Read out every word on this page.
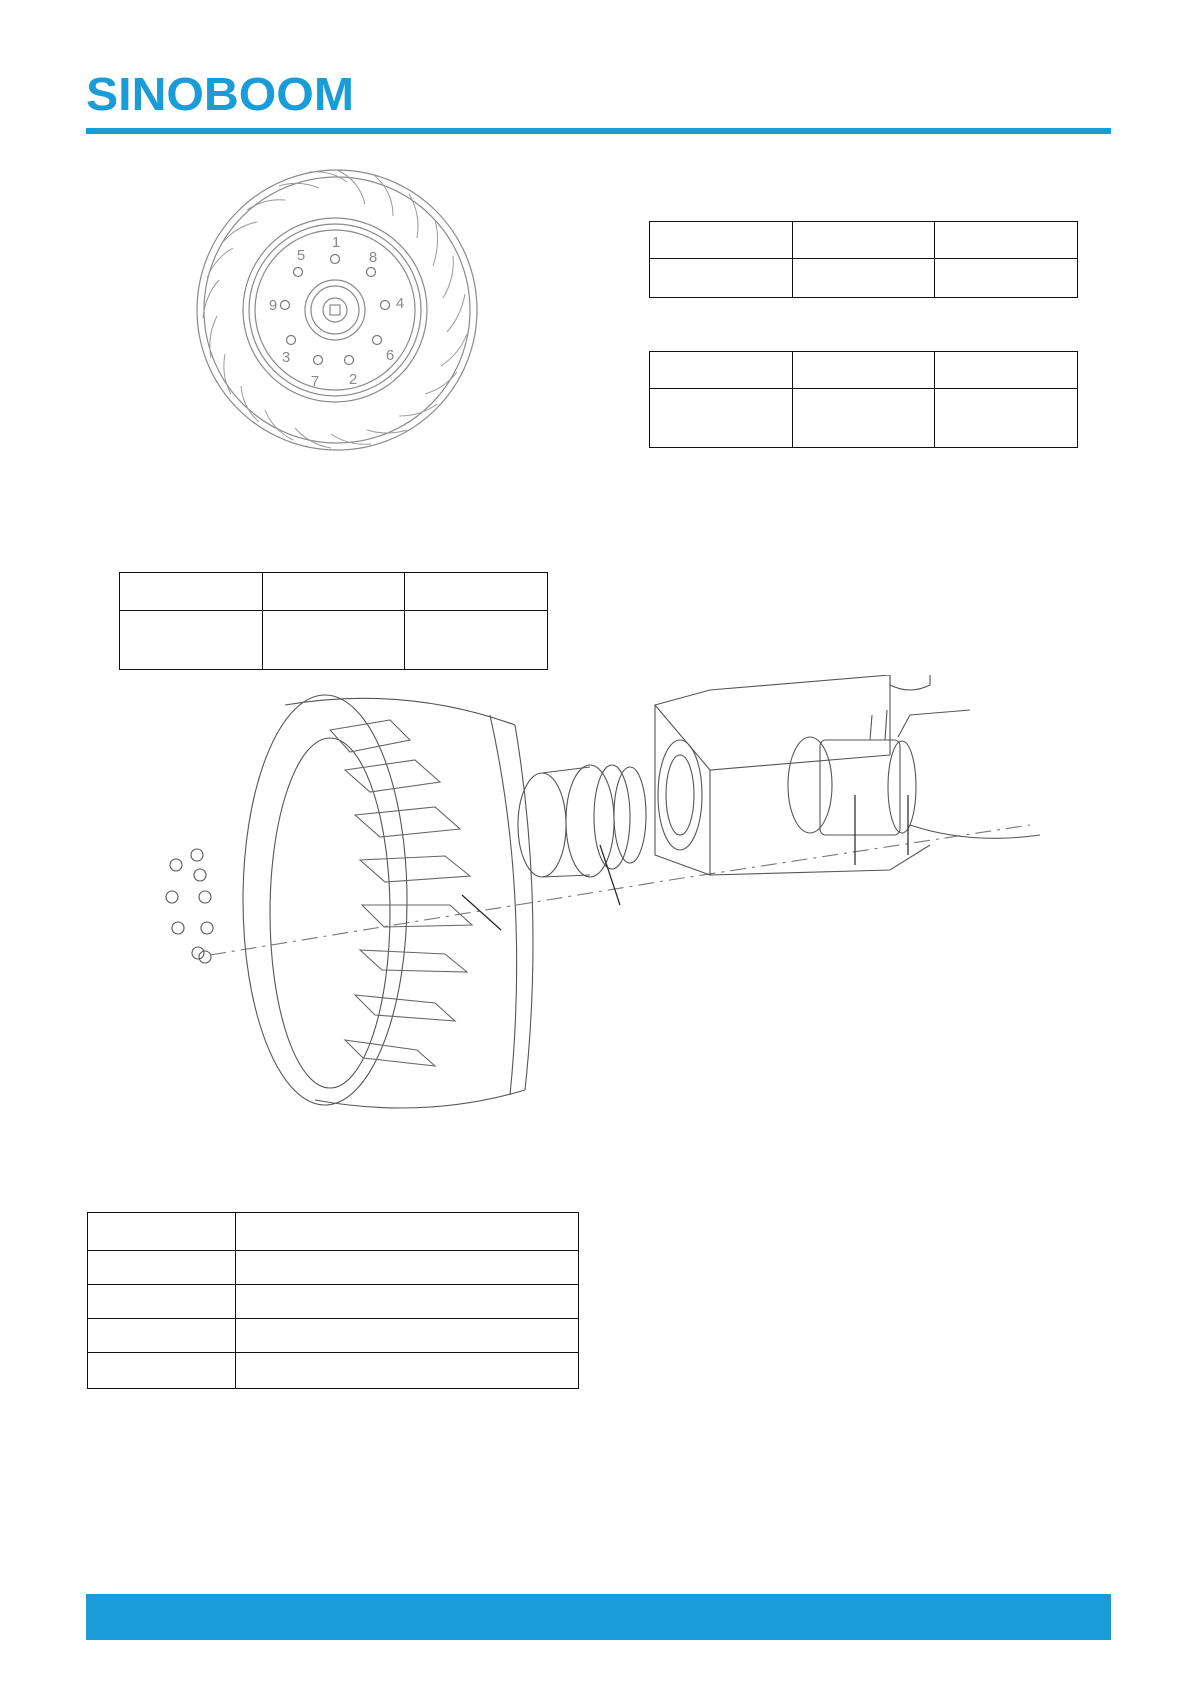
SINOBOOM
1
2
3
4
5
6
7
8
9
